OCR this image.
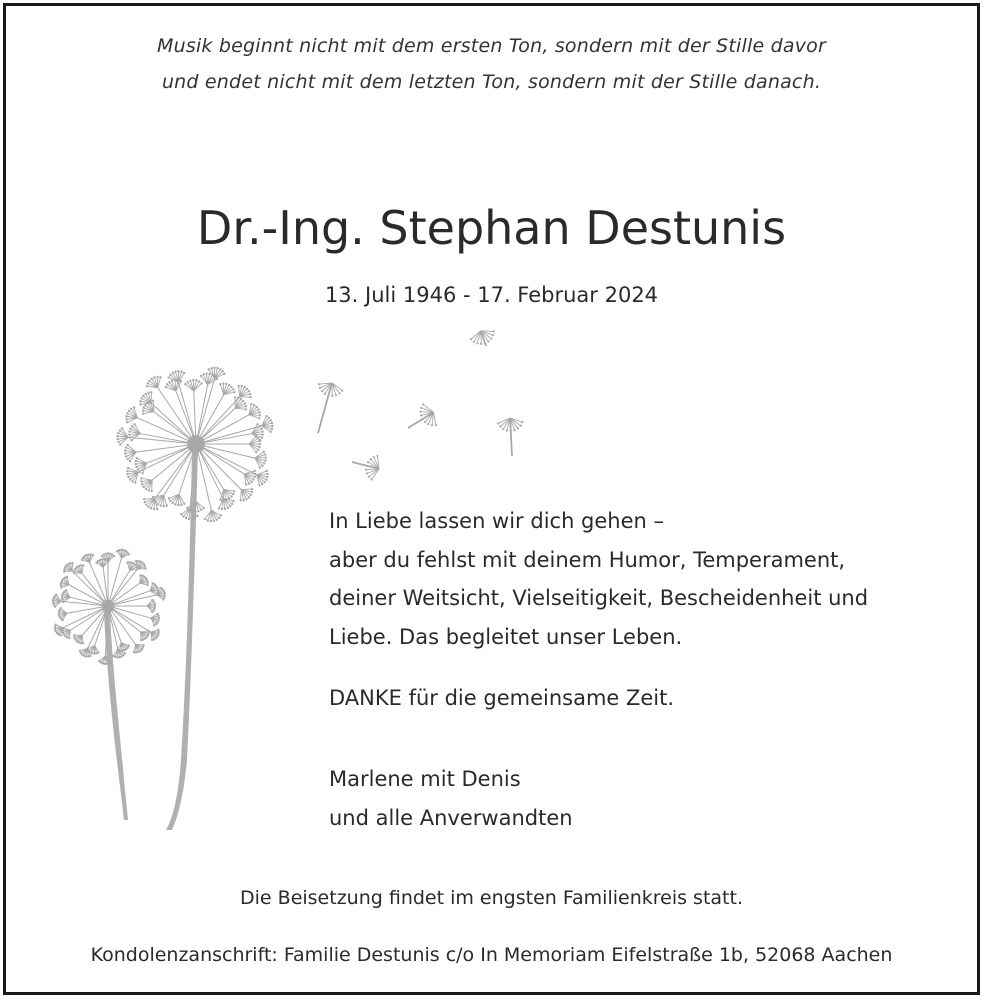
Musik beginnt nicht mit dem ersten Ton, sondern mit der Stille davor
und endet nicht mit dem letzten Ton, sondern mit der Stille danach.
Dr.-Ing. Stephan Destunis
13. Juli 1946 - 17. Februar 2024
In Liebe lassen wir dich gehen –
aber du fehlst mit deinem Humor, Temperament,
deiner Weitsicht, Vielseitigkeit, Bescheidenheit und
Liebe. Das begleitet unser Leben.
DANKE für die gemeinsame Zeit.
Marlene mit Denis
und alle Anverwandten
Die Beisetzung findet im engsten Familienkreis statt.
Kondolenzanschrift: Familie Destunis c/o In Memoriam Eifelstraße 1b, 52068 Aachen
